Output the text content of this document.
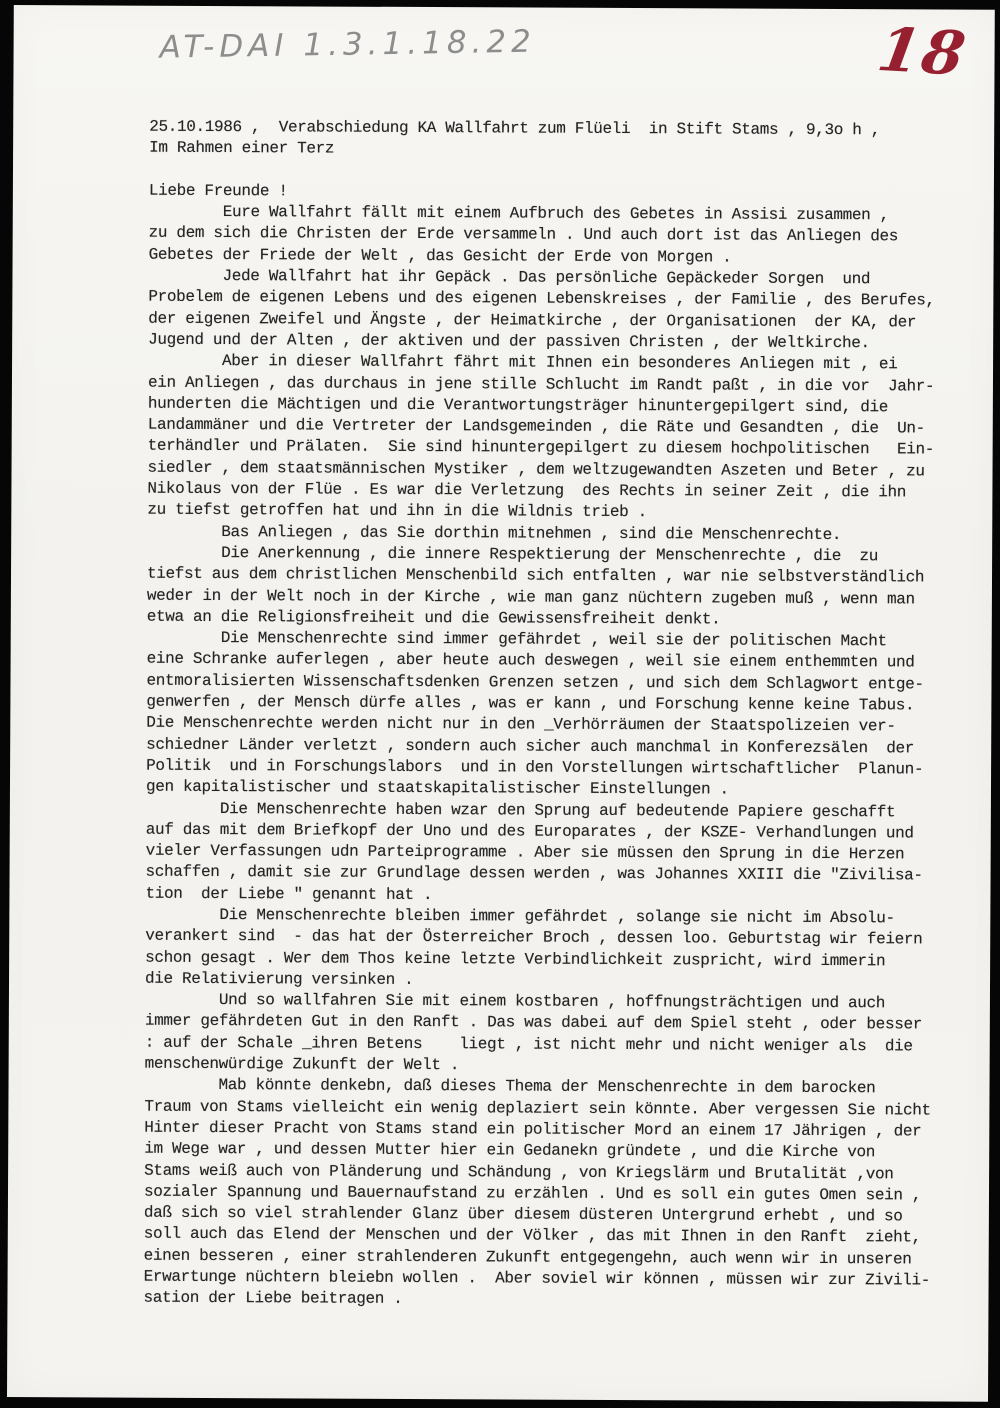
AT-DAI 1.3.1.18.22	18
25.10.1986 ,  Verabschiedung KA Wallfahrt zum Flüeli  in Stift Stams , 9,3o h ,
Im Rahmen einer Terz
Liebe Freunde !
Eure Wallfahrt fällt mit einem Aufbruch des Gebetes in Assisi zusammen ,
zu dem sich die Christen der Erde versammeln . Und auch dort ist das Anliegen des
Gebetes der Friede der Welt , das Gesicht der Erde von Morgen .
Jede Wallfahrt hat ihr Gepäck . Das persönliche Gepäckeder Sorgen  und
Probelem de eigenen Lebens und des eigenen Lebenskreises , der Familie , des Berufes,
der eigenen Zweifel und Ängste , der Heimatkirche , der Organisationen  der KA, der
Jugend und der Alten , der aktiven und der passiven Christen , der Weltkirche.
Aber in dieser Wallfahrt fährt mit Ihnen ein besonderes Anliegen mit , ei
ein Anliegen , das durchaus in jene stille Schlucht im Randt paßt , in die vor  Jahr-
hunderten die Mächtigen und die Verantwortungsträger hinuntergepilgert sind, die
Landammäner und die Vertreter der Landsgemeinden , die Räte und Gesandten , die  Un-
terhändler und Prälaten.  Sie sind hinuntergepilgert zu diesem hochpolitischen   Ein-
siedler , dem staatsmännischen Mystiker , dem weltzugewandten Aszeten und Beter , zu
Nikolaus von der Flüe . Es war die Verletzung  des Rechts in seiner Zeit , die ihn
zu tiefst getroffen hat und ihn in die Wildnis trieb .
Bas Anliegen , das Sie dorthin mitnehmen , sind die Menschenrechte.
Die Anerkennung , die innere Respektierung der Menschenrechte , die  zu
tiefst aus dem christlichen Menschenbild sich entfalten , war nie selbstverständlich
weder in der Welt noch in der Kirche , wie man ganz nüchtern zugeben muß , wenn man
etwa an die Religionsfreiheit und die Gewissensfreiheit denkt.
Die Menschenrechte sind immer gefährdet , weil sie der politischen Macht
eine Schranke auferlegen , aber heute auch deswegen , weil sie einem enthemmten und
entmoralisierten Wissenschaftsdenken Grenzen setzen , und sich dem Schlagwort entge-
genwerfen , der Mensch dürfe alles , was er kann , und Forschung kenne keine Tabus.
Die Menschenrechte werden nicht nur in den _Verhörräumen der Staatspolizeien ver-
schiedner Länder verletzt , sondern auch sicher auch manchmal in Konferezsälen  der
Politik  und in Forschungslabors  und in den Vorstellungen wirtschaftlicher  Planun-
gen kapitalistischer und staatskapitalistischer Einstellungen .
Die Menschenrechte haben wzar den Sprung auf bedeutende Papiere geschafft
auf das mit dem Briefkopf der Uno und des Europarates , der KSZE- Verhandlungen und
vieler Verfassungen udn Parteiprogramme . Aber sie müssen den Sprung in die Herzen
schaffen , damit sie zur Grundlage dessen werden , was Johannes XXIII die "Zivilisa-
tion  der Liebe " genannt hat .
Die Menschenrechte bleiben immer gefährdet , solange sie nicht im Absolu-
verankert sind  - das hat der Österreicher Broch , dessen loo. Geburtstag wir feiern
schon gesagt . Wer dem Thos keine letzte Verbindlichkeit zuspricht, wird immerin
die Relativierung versinken .
Und so wallfahren Sie mit einem kostbaren , hoffnungsträchtigen und auch
immer gefährdeten Gut in den Ranft . Das was dabei auf dem Spiel steht , oder besser
: auf der Schale _ihren Betens    liegt , ist nicht mehr und nicht weniger als  die
menschenwürdige Zukunft der Welt .
Mab könnte denkebn, daß dieses Thema der Menschenrechte in dem barocken
Traum von Stams vielleicht ein wenig deplaziert sein könnte. Aber vergessen Sie nicht
Hinter dieser Pracht von Stams stand ein politischer Mord an einem 17 Jährigen , der
im Wege war , und dessen Mutter hier ein Gedanekn gründete , und die Kirche von
Stams weiß auch von Pländerung und Schändung , von Kriegslärm und Brutalität ,von
sozialer Spannung und Bauernaufstand zu erzählen . Und es soll ein gutes Omen sein ,
daß sich so viel strahlender Glanz über diesem düsteren Untergrund erhebt , und so
soll auch das Elend der Menschen und der Völker , das mit Ihnen in den Ranft  zieht,
einen besseren , einer strahlenderen Zukunft entgegengehn, auch wenn wir in unseren
Erwartunge nüchtern bleiebn wollen .  Aber soviel wir können , müssen wir zur Zivili-
sation der Liebe beitragen .
